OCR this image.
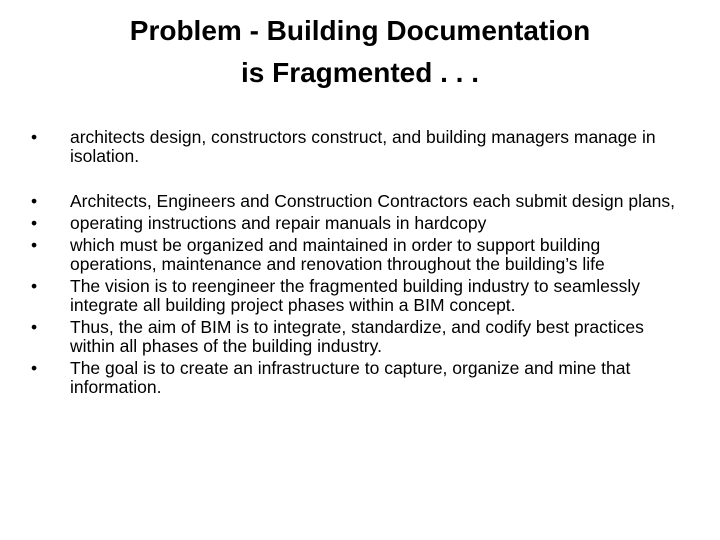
Problem - Building Documentation
is Fragmented . . .
•	architects design, constructors construct, and building managers manage in isolation.
•	Architects, Engineers and Construction Contractors each submit design plans,
•	operating instructions and repair manuals in hardcopy
•	which must be organized and maintained in order to support building operations, maintenance and renovation throughout the building’s life
•	The vision is to reengineer the fragmented building industry to seamlessly integrate all building project phases within a BIM concept.
•	Thus, the aim of BIM is to integrate, standardize, and codify best practices within all phases of the building industry.
•	The goal is to create an infrastructure to capture, organize and mine that information.
